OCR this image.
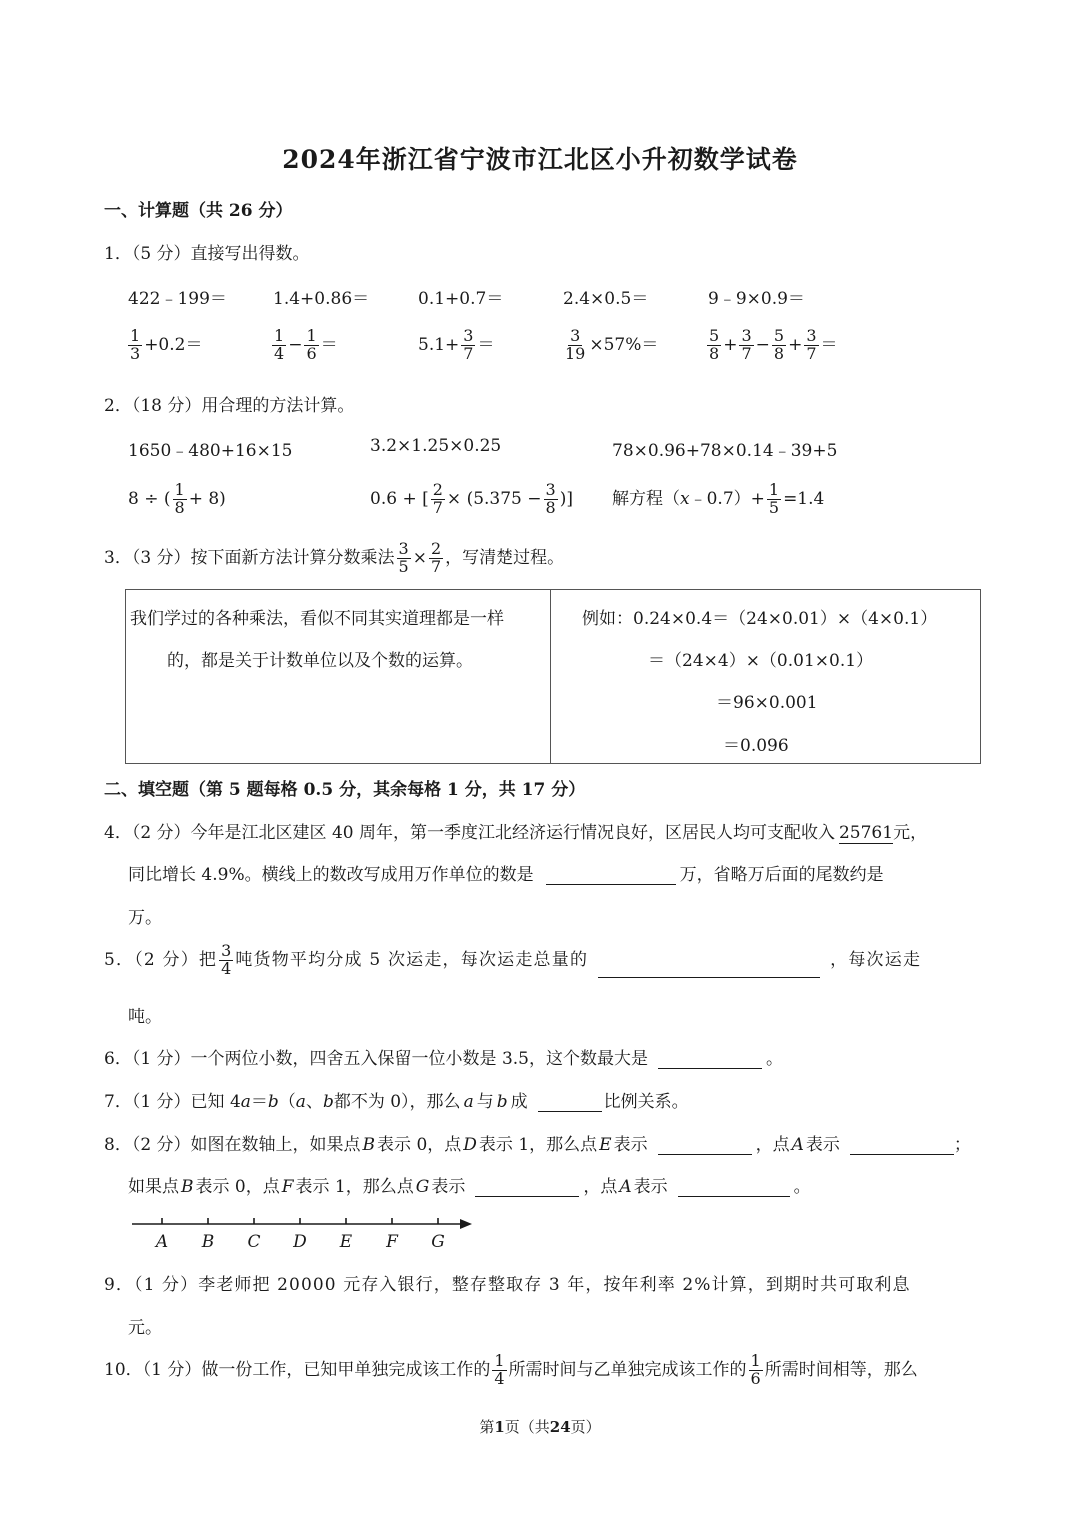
2024年浙江省宁波市江北区小升初数学试卷
一、计算题（共 26 分）
1．（5 分）直接写出得数。
422﹣199＝	1.4+0.86＝	0.1+0.7＝	2.4×0.5＝	9﹣9×0.9＝
$\frac{1}{3} +0.2=$	$\frac{1}{4} - \frac{1}{6}$ ＝	$5.1+ \frac{3}{7}$ ＝	$\frac{3}{19} \times 57\%=$	$\frac{5}{8} + \frac{3}{7} - \frac{5}{8} + \frac{3}{7}$ ＝
2．（18 分）用合理的方法计算。
1650﹣480+16×15	3.2×1.25×0.25	78×0.96+78×0.14﹣39+5
8 ÷ ( $\frac{1}{8} + 8$)	0.6 + [ $\frac{2}{7} \times (5.375 - \frac{3}{8}$ )] 解方程（x﹣0.7）+ $\frac{1}{5} =1.4$
3．（3 分）按下面新方法计算分数乘法 $\frac{3}{5} \times \frac{2}{7}$ ，写清楚过程。
我们学过的各种乘法，看似不同其实道理都是一样
的，都是关于计数单位以及个数的运算。
例如：0.24×0.4＝（24×0.01）×（4×0.1）
＝（24×4）×（0.01×0.1）
＝96×0.001
＝0.096
二、填空题（第 5 题每格 0.5 分，其余每格 1 分，共 17 分）
4．（2 分）今年是江北区建区 40 周年，第一季度江北经济运行情况良好，区居民人均可支配收入 25761元，
同比增长 4.9%。横线上的数改写成用万作单位的数是	万，省略万后面的尾数约是
万。
5．（2 分）把 $\frac{3}{4}$ 吨货物平均分成 5 次运走，每次运走总量的	，每次运走
吨。
6．（1 分）一个两位小数，四舍五入保留一位小数是 3.5，这个数最大是	。
7．（1 分）已知 4a＝b（a、b都不为 0），那么 a 与 b 成	比例关系。
8．（2 分）如图在数轴上，如果点 B 表示 0，点 D 表示 1，那么点 E 表示	，点 A 表示	；
如果点 B 表示 0，点 F 表示 1，那么点 G 表示	，点 A 表示	。
A B C D E F G
9．（1 分）李老师把 20000 元存入银行，整存整取存 3 年，按年利率 2%计算，到期时共可取利息
元。
10．（1 分）做一份工作，已知甲单独完成该工作的 $\frac{1}{4}$ 所需时间与乙单独完成该工作的 $\frac{1}{6}$ 所需时间相等，那么
第1页（共24页）
